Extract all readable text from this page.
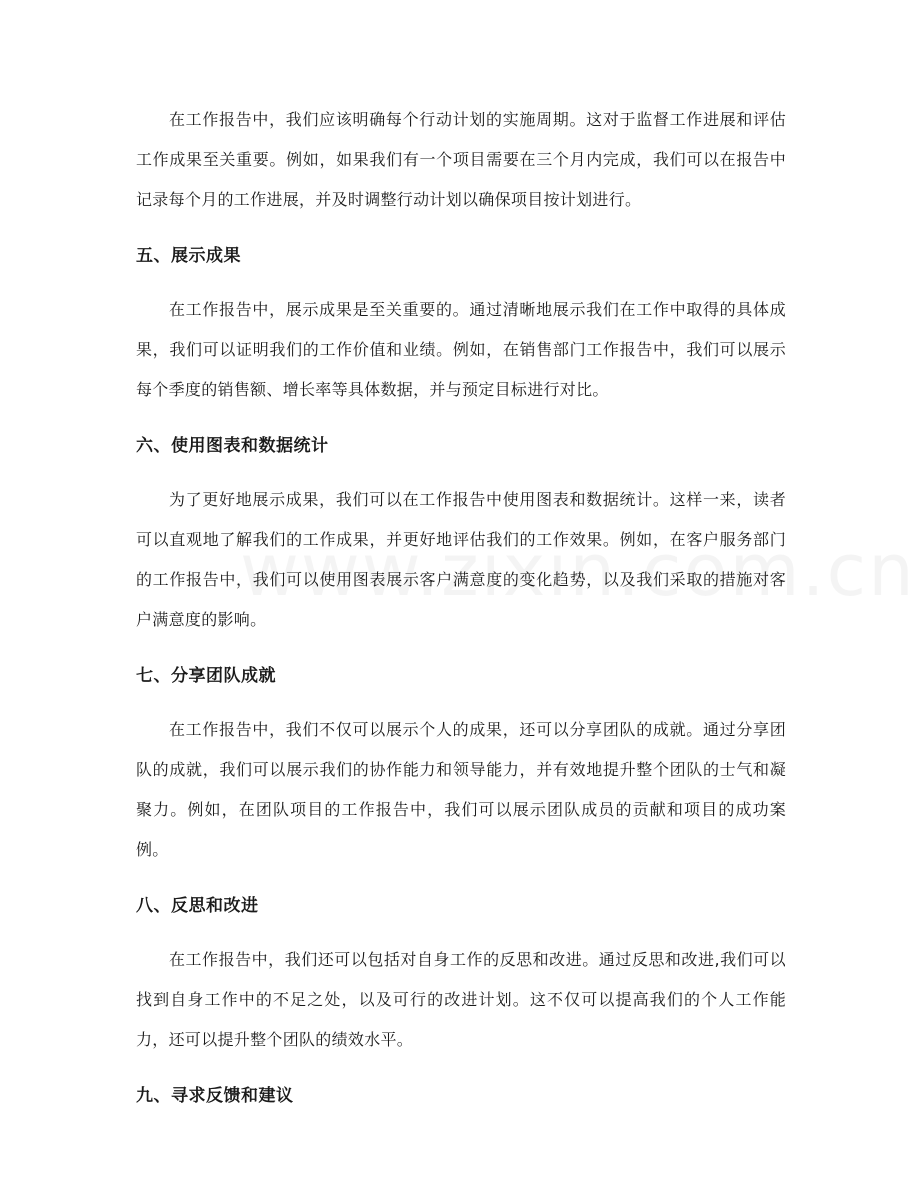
在工作报告中，我们应该明确每个行动计划的实施周期。这对于监督工作进展和评估工作成果至关重要。例如，如果我们有一个项目需要在三个月内完成，我们可以在报告中记录每个月的工作进展，并及时调整行动计划以确保项目按计划进行。

五、展示成果

在工作报告中，展示成果是至关重要的。通过清晰地展示我们在工作中取得的具体成果，我们可以证明我们的工作价值和业绩。例如，在销售部门工作报告中，我们可以展示每个季度的销售额、增长率等具体数据，并与预定目标进行对比。

六、使用图表和数据统计

为了更好地展示成果，我们可以在工作报告中使用图表和数据统计。这样一来，读者可以直观地了解我们的工作成果，并更好地评估我们的工作效果。例如，在客户服务部门的工作报告中，我们可以使用图表展示客户满意度的变化趋势，以及我们采取的措施对客户满意度的影响。

七、分享团队成就

在工作报告中，我们不仅可以展示个人的成果，还可以分享团队的成就。通过分享团队的成就，我们可以展示我们的协作能力和领导能力，并有效地提升整个团队的士气和凝聚力。例如，在团队项目的工作报告中，我们可以展示团队成员的贡献和项目的成功案例。

八、反思和改进

在工作报告中，我们还可以包括对自身工作的反思和改进。通过反思和改进,我们可以找到自身工作中的不足之处，以及可行的改进计划。这不仅可以提高我们的个人工作能力，还可以提升整个团队的绩效水平。

九、寻求反馈和建议
